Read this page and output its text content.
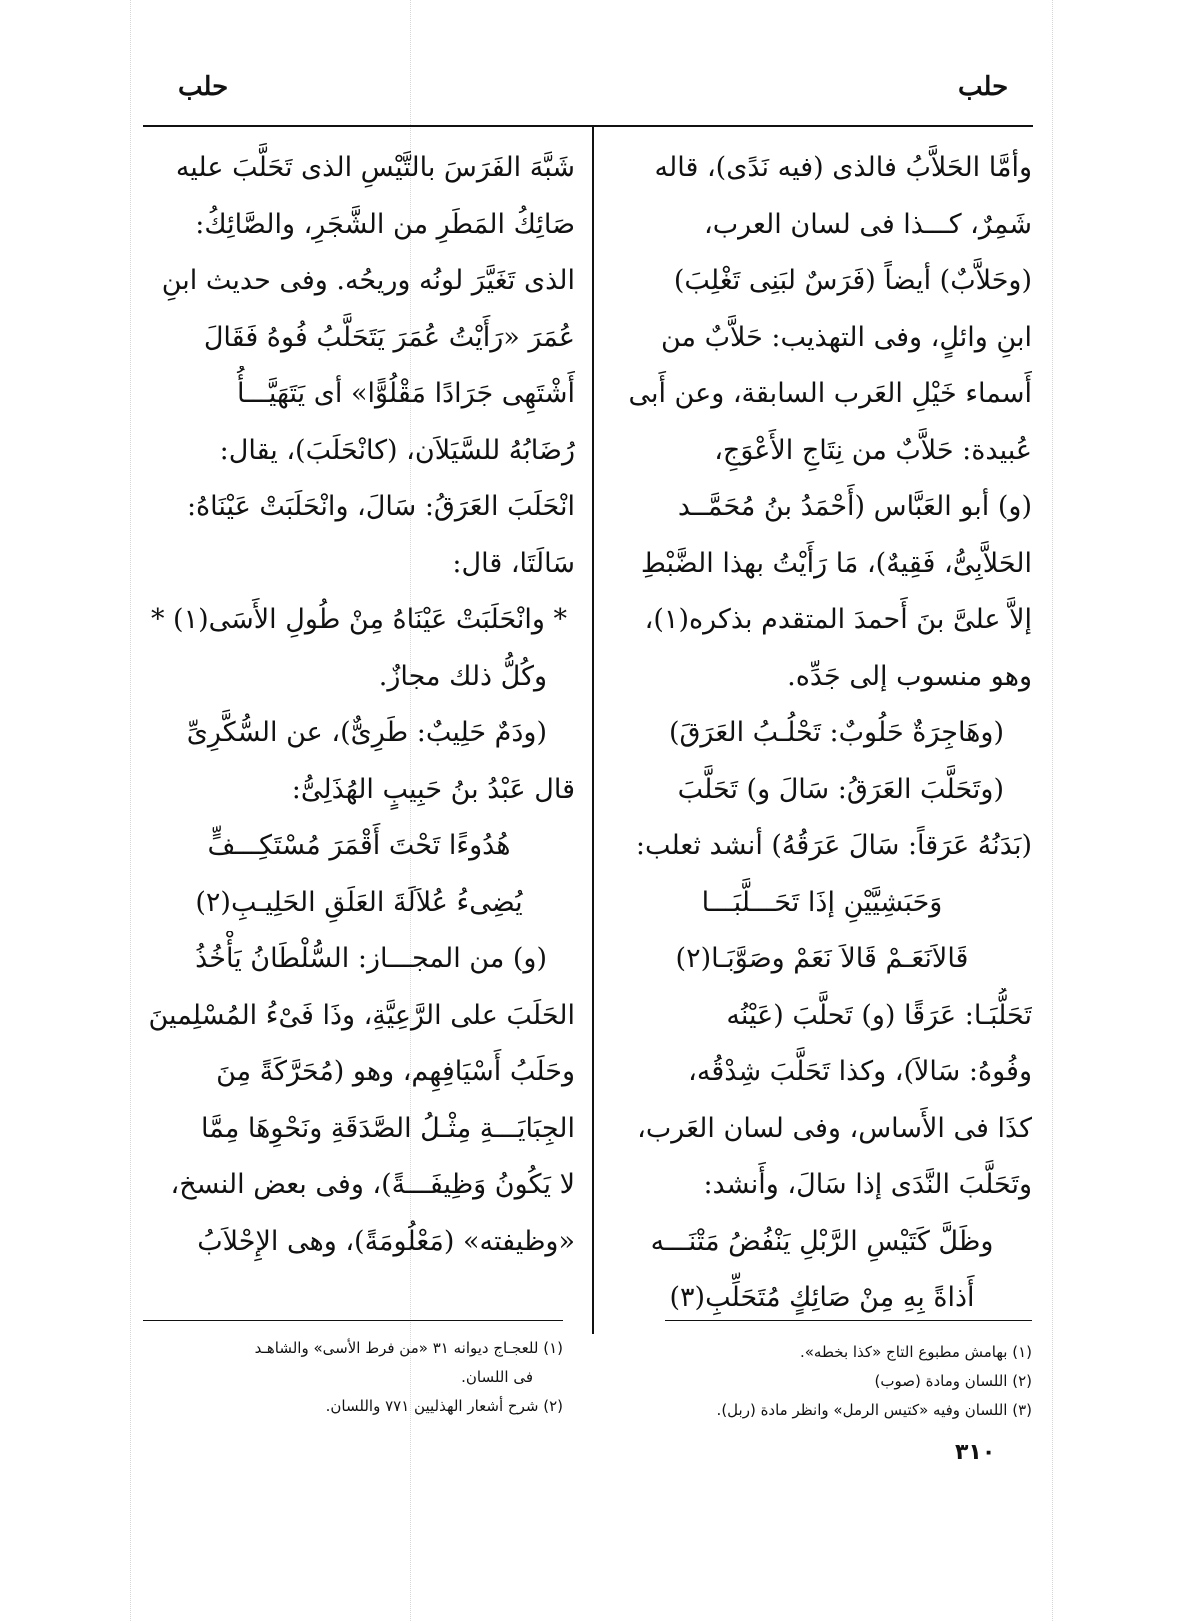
حلب	حلب
وأمَّا الحَلاَّبُ فالذى (فيه نَدًى)، قاله
شَمِرٌ، كـــذا فى لسان العرب،
(وحَلاَّبٌ) أيضاً (فَرَسٌ لبَنِى تَغْلِبَ)
ابنِ وائلٍ، وفى التهذيب: حَلاَّبٌ من
أَسماء خَيْلِ العَرب السابقة، وعن أَبى
عُبيدة: حَلاَّبٌ من نِتَاجِ الأَعْوَجِ،
(و) أبو العَبَّاس (أَحْمَدُ بنُ مُحَمَّــد
الحَلاَّبِىُّ، فَقِيهٌ)، مَا رَأَيْتُ بهذا الضَّبْطِ
إلاَّ علىَّ بنَ أَحمدَ المتقدم بذكره(١)،
وهو منسوب إلى جَدِّه.
(وهَاجِرَةٌ حَلُوبٌ: تَحْلُـبُ العَرَقَ)
(وتَحَلَّبَ العَرَقُ: سَالَ و) تَحَلَّبَ
(بَدَنُهُ عَرَقاً: سَالَ عَرَقُهُ) أنشد ثعلب:
وَحَبَشِيَّيْنِ إذَا تَحَـــلَّبَـــا
قَالاَنَعَـمْ قَالاَ نَعَمْ وصَوَّبَـا(٢)
تَحَلُّبَـا: عَرَقًا (و) تَحلَّبَ (عَيْنُه
وفُوهُ: سَالاَ)، وكذا تَحَلَّبَ شِدْقُه،
كذَا فى الأَساس، وفى لسان العَرب،
وتَحَلَّبَ النَّدَى إذا سَالَ، وأَنشد:
وظَلَّ كَتَيْسِ الرَّبْلِ يَنْفُضُ مَتْنَـــه
أَذاةً بِهِ مِنْ صَائِكٍ مُتَحَلِّبِ(٣)
شَبَّهَ الفَرَسَ بالتَّيْسِ الذى تَحَلَّبَ عليه
صَائِكُ المَطَرِ من الشَّجَرِ، والصَّائِكُ:
الذى تَغَيَّرَ لونُه وريحُه. وفى حديث ابنِ
عُمَرَ «رَأَيْتُ عُمَرَ يَتَحَلَّبُ فُوهُ فَقَالَ
أَشْتَهِى جَرَادًا مَقْلُوًّا» أى يَتَهَيَّـــأُ
رُضَابُهُ للسَّيَلاَن، (كانْحَلَبَ)، يقال:
انْحَلَبَ العَرَقُ: سَالَ، وانْحَلَبَتْ عَيْنَاهُ:
سَالَتَا، قال:
* وانْحَلَبَتْ عَيْنَاهُ مِنْ طُولِ الأَسَى(١) *
وكُلُّ ذلك مجازٌ.
(ودَمٌ حَلِيبٌ: طَرِىٌّ)، عن السُّكَّرِىِّ
قال عَبْدُ بنُ حَبِيبٍ الهُذَلِىُّ:
هُدُوءًا تَحْتَ أَقْمَرَ مُسْتَكِـــفٍّ
يُضِىءُ عُلاَلَةَ العَلَقِ الحَلِيـبِ(٢)
(و) من المجـــاز: السُّلْطَانُ يَأْخُذُ
الحَلَبَ على الرَّعِيَّةِ، وذَا فَىْءُ المُسْلِمينَ
وحَلَبُ أَسْيَافِهِم، وهو (مُحَرَّكَةً مِنَ
الجِبَايَـــةِ مِثْـلُ الصَّدَقَةِ ونَحْوِهَا مِمَّا
لا يَكُونُ وَظِيفَـــةً)، وفى بعض النسخ،
«وظيفته» (مَعْلُومَةً)، وهى الإِحْلاَبُ
(١) بهامش مطبوع التاج «كذا بخطه».
(٢) اللسان ومادة (صوب)
(٣) اللسان وفيه «كتيس الرمل» وانظر مادة (ربل).
(١) للعجـاج ديوانه ٣١ «من فرط الأسى» والشاهـد
فى اللسان.
(٢) شرح أشعار الهذليين ٧٧١ واللسان.
٣١٠
